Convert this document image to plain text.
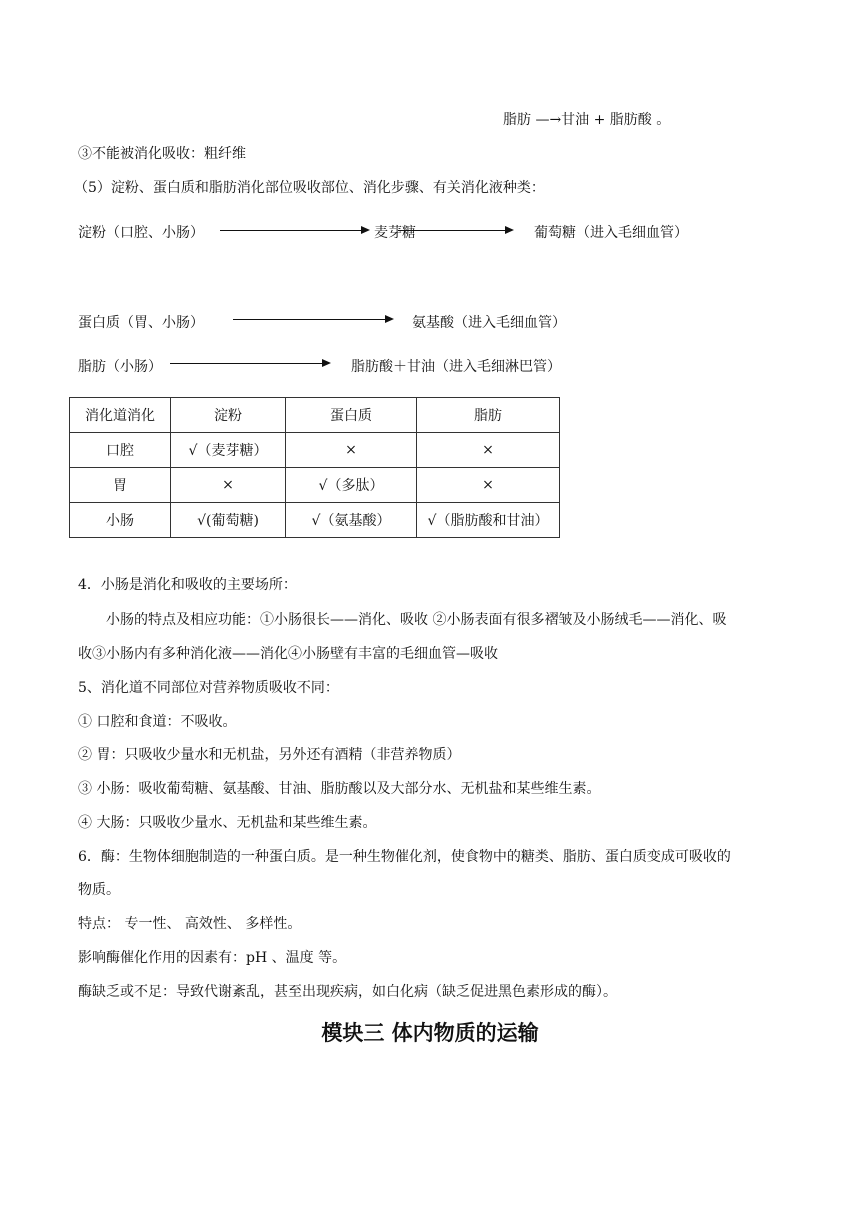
脂肪 —→甘油 + 脂肪酸 。
③不能被消化吸收：粗纤维
（5）淀粉、蛋白质和脂肪消化部位吸收部位、消化步骤、有关消化液种类：
淀粉（口腔、小肠）	麦芽糖	葡萄糖（进入毛细血管）
蛋白质（胃、小肠）	氨基酸（进入毛细血管）
脂肪（小肠）	脂肪酸＋甘油（进入毛细淋巴管）
消化道消化	淀粉	蛋白质	脂肪
口腔	√（麦芽糖）	×	×
胃	×	√（多肽）	×
小肠	√(葡萄糖)	√（氨基酸）	√（脂肪酸和甘油）
4．小肠是消化和吸收的主要场所：
小肠的特点及相应功能：①小肠很长——消化、吸收 ②小肠表面有很多褶皱及小肠绒毛——消化、吸
收③小肠内有多种消化液——消化④小肠壁有丰富的毛细血管—吸收
5、消化道不同部位对营养物质吸收不同：
① 口腔和食道：不吸收。
② 胃：只吸收少量水和无机盐，另外还有酒精（非营养物质）
③ 小肠：吸收葡萄糖、氨基酸、甘油、脂肪酸以及大部分水、无机盐和某些维生素。
④ 大肠：只吸收少量水、无机盐和某些维生素。
6．酶：生物体细胞制造的一种蛋白质。是一种生物催化剂，使食物中的糖类、脂肪、蛋白质变成可吸收的
物质。
特点： 专一性、 高效性、 多样性。
影响酶催化作用的因素有：pH 、温度 等。
酶缺乏或不足：导致代谢紊乱，甚至出现疾病，如白化病（缺乏促进黑色素形成的酶）。
模块三 体内物质的运输
